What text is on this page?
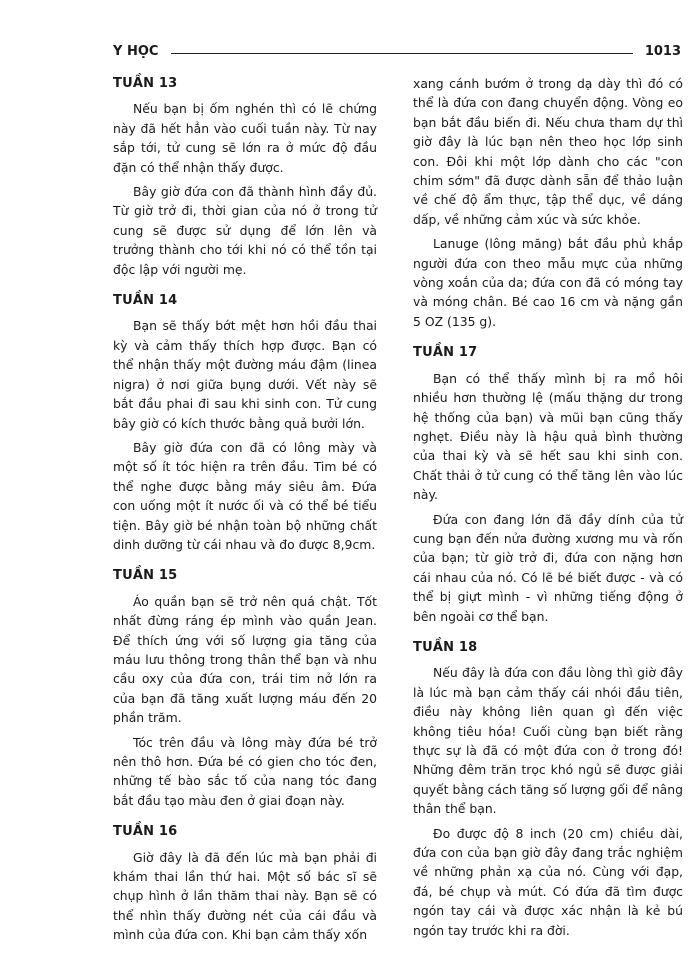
Y HỌC	1013
TUẦN 13

Nếu bạn bị ốm nghén thì có lẽ chứng này đã hết hẳn vào cuối tuần này. Từ nay sắp tới, tử cung sẽ lớn ra ở mức độ đầu đặn có thể nhận thấy được.

Bây giờ đứa con đã thành hình đầy đủ. Từ giờ trở đi, thời gian của nó ở trong tử cung sẽ được sử dụng để lớn lên và trưởng thành cho tới khi nó có thể tồn tại độc lập với người mẹ.

TUẦN 14

Bạn sẽ thấy bớt mệt hơn hồi đầu thai kỳ và cảm thấy thích hợp được. Bạn có thể nhận thấy một đường máu đậm (linea nigra) ở nơi giữa bụng dưới. Vết này sẽ bắt đầu phai đi sau khi sinh con. Tử cung bây giờ có kích thước bằng quả bưởi lớn.

Bây giờ đứa con đã có lông mày và một số ít tóc hiện ra trên đầu. Tim bé có thể nghe được bằng máy siêu âm. Đứa con uống một ít nước ối và có thể bé tiểu tiện. Bây giờ bé nhận toàn bộ những chất dinh dưỡng từ cái nhau và đo được 8,9cm.

TUẦN 15

Áo quần bạn sẽ trở nên quá chật. Tốt nhất đừng ráng ép mình vào quần Jean. Để thích ứng với số lượng gia tăng của máu lưu thông trong thân thể bạn và nhu cầu oxy của đứa con, trái tim nở lớn ra của bạn đã tăng xuất lượng máu đến 20 phần trăm.

Tóc trên đầu và lông mày đứa bé trở nên thô hơn. Đứa bé có gien cho tóc đen, những tế bào sắc tố của nang tóc đang bắt đầu tạo màu đen ở giai đoạn này.

TUẦN 16

Giờ đây là đã đến lúc mà bạn phải đi khám thai lần thứ hai. Một số bác sĩ sẽ chụp hình ở lần thăm thai này. Bạn sẽ có thể nhìn thấy đường nét của cái đầu và mình của đứa con. Khi bạn cảm thấy xốn

xang cánh bướm ở trong dạ dày thì đó có thể là đứa con đang chuyển động. Vòng eo bạn bắt đầu biến đi. Nếu chưa tham dự thì giờ đây là lúc bạn nên theo học lớp sinh con. Đôi khi một lớp dành cho các "con chim sớm" đã được dành sẵn để thảo luận về chế độ ẩm thực, tập thể dục, về dáng dấp, về những cảm xúc và sức khỏe.

Lanuge (lông măng) bắt đầu phủ khắp người đứa con theo mẫu mực của những vòng xoắn của da; đứa con đã có móng tay và móng chân. Bé cao 16 cm và nặng gần 5 OZ (135 g).

TUẦN 17

Bạn có thể thấy mình bị ra mồ hôi nhiều hơn thường lệ (mấu thặng dư trong hệ thống của bạn) và mũi bạn cũng thấy nghẹt. Điều này là hậu quả bình thường của thai kỳ và sẽ hết sau khi sinh con. Chất thải ở tử cung có thể tăng lên vào lúc này.

Đứa con đang lớn đã đầy dính của tử cung bạn đến nửa đường xương mu và rốn của bạn; từ giờ trở đi, đứa con nặng hơn cái nhau của nó. Có lẽ bé biết được - và có thể bị giựt mình - vì những tiếng động ở bên ngoài cơ thể bạn.

TUẦN 18

Nếu đây là đứa con đầu lòng thì giờ đây là lúc mà bạn cảm thấy cái nhói đầu tiên, điều này không liên quan gì đến việc không tiêu hóa! Cuối cùng bạn biết rằng thực sự là đã có một đứa con ở trong đó! Những đêm trăn trọc khó ngủ sẽ được giải quyết bằng cách tăng số lượng gối để nâng thân thể bạn.

Đo được độ 8 inch (20 cm) chiều dài, đứa con của bạn giờ đây đang trắc nghiệm về những phản xạ của nó. Cùng với đạp, đá, bé chụp và mút. Có đứa đã tìm được ngón tay cái và được xác nhận là kẻ bú ngón tay trước khi ra đời.
